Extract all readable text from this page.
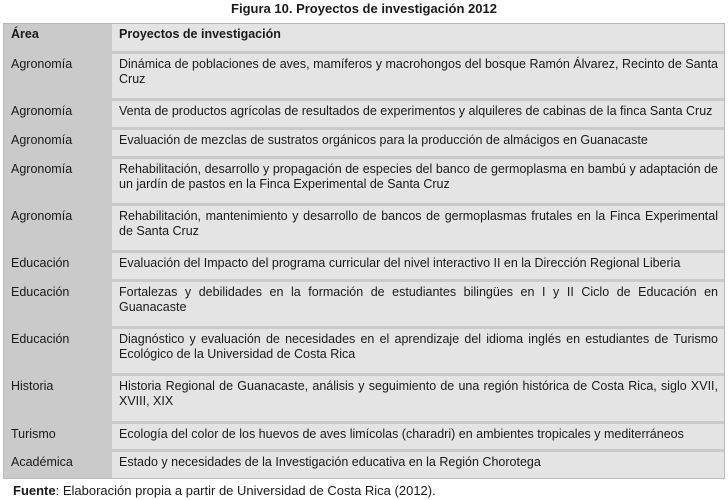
Figura 10. Proyectos de investigación 2012
Área	Proyectos de investigación
Agronomía	Dinámica de poblaciones de aves, mamíferos y macrohongos del bosque Ramón Álvarez, Recinto de Santa Cruz
Agronomía	Venta de productos agrícolas de resultados de experimentos y alquileres de cabinas de la finca Santa Cruz
Agronomía	Evaluación de mezclas de sustratos orgánicos para la producción de almácigos en Guanacaste
Agronomía	Rehabilitación, desarrollo y propagación de especies del banco de germoplasma en bambú y adaptación de un jardín de pastos en la Finca Experimental de Santa Cruz
Agronomía	Rehabilitación, mantenimiento y desarrollo de bancos de germoplasmas frutales en la Finca Experimental de Santa Cruz
Educación	Evaluación del Impacto del programa curricular del nivel interactivo II en la Dirección Regional Liberia
Educación	Fortalezas y debilidades en la formación de estudiantes bilingües en I y II Ciclo de Educación en Guanacaste
Educación	Diagnóstico y evaluación de necesidades en el aprendizaje del idioma inglés en estudiantes de Turismo Ecológico de la Universidad de Costa Rica
Historia	Historia Regional de Guanacaste, análisis y seguimiento de una región histórica de Costa Rica, siglo XVII, XVIII, XIX
Turismo	Ecología del color de los huevos de aves limícolas (charadri) en ambientes tropicales y mediterráneos
Académica	Estado y necesidades de la Investigación educativa en la Región Chorotega
Fuente: Elaboración propia a partir de Universidad de Costa Rica (2012).
